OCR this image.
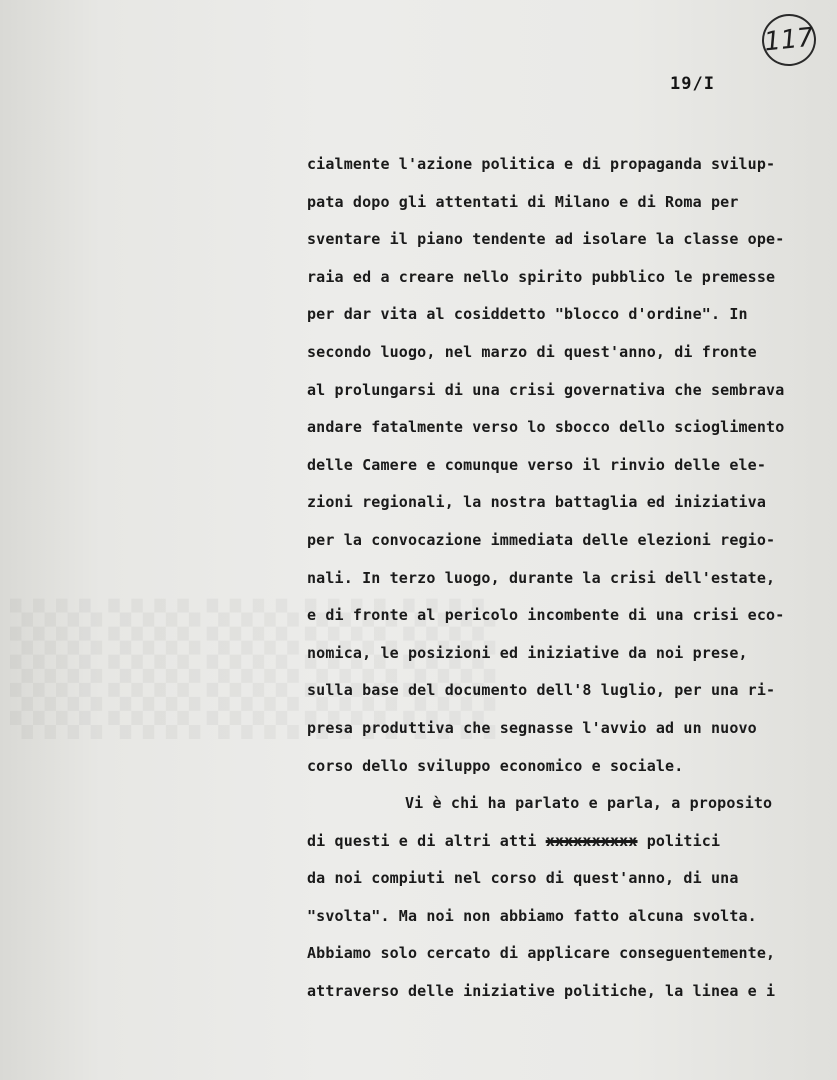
117
19/I
cialmente l'azione politica e di propaganda svilup-
pata dopo gli attentati di Milano e di Roma per
sventare il piano tendente ad isolare la classe ope-
raia ed a creare nello spirito pubblico le premesse
per dar vita al cosiddetto "blocco d'ordine". In
secondo luogo, nel marzo di quest'anno, di fronte
al prolungarsi di una crisi governativa che sembrava
andare fatalmente verso lo sbocco dello scioglimento
delle Camere e comunque verso il rinvio delle ele-
zioni regionali, la nostra battaglia ed iniziativa
per la convocazione immediata delle elezioni regio-
nali. In terzo luogo, durante la crisi dell'estate,
e di fronte al pericolo incombente di una crisi eco-
nomica, le posizioni ed iniziative da noi prese,
sulla base del documento dell'8 luglio, per una ri-
presa produttiva che segnasse l'avvio ad un nuovo
corso dello sviluppo economico e sociale.
Vi è chi ha parlato e parla, a proposito
di questi e di altri atti xxxxxxxxxx politici
da noi compiuti nel corso di quest'anno, di una
"svolta". Ma noi non abbiamo fatto alcuna svolta.
Abbiamo solo cercato di applicare conseguentemente,
attraverso delle iniziative politiche, la linea e i
